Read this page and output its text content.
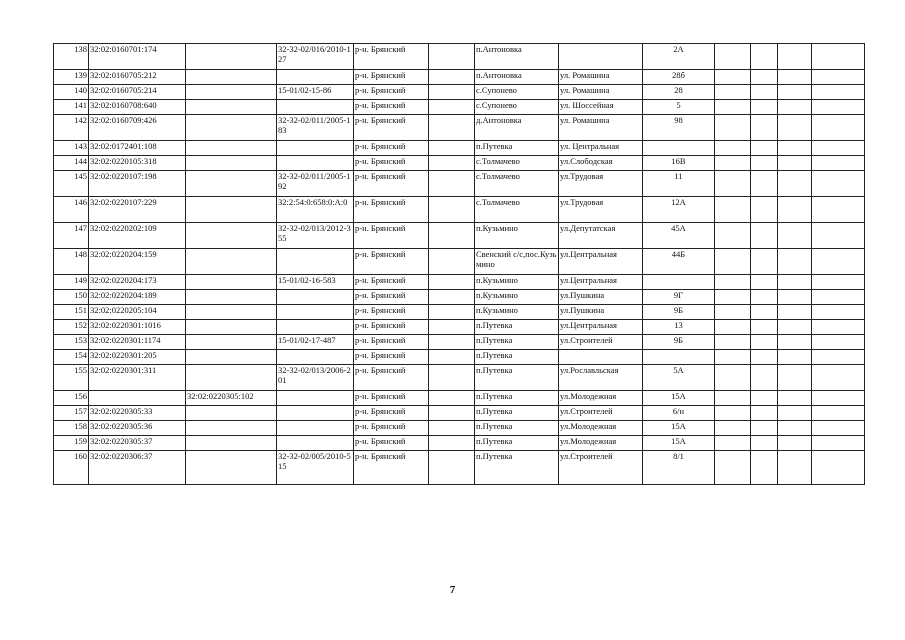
138	32:02:0160701:174		32-32-02/016/2010-127	р-н. Брянский		п.Антоновка		2А				
139	32:02:0160705:212			р-н. Брянский		п.Антоновка	ул. Ромашина	28б				
140	32:02:0160705:214		15-01/02-15-86	р-н. Брянский		с.Супонево	ул. Ромашина	28				
141	32:02:0160708:640			р-н. Брянский		с.Супонево	ул. Шоссейная	5				
142	32:02:0160709:426		32-32-02/011/2005-183	р-н. Брянский		д.Антоновка	ул. Ромашина	98				
143	32:02:0172401:108			р-н. Брянский		п.Путевка	ул. Центральная					
144	32:02:0220105:318			р-н. Брянский		с.Толмачево	ул.Слободская	16В				
145	32:02:0220107:198		32-32-02/011/2005-192	р-н. Брянский		с.Толмачево	ул.Трудовая	11				
146	32:02:0220107:229		32:2:54:0:658:0:А:0	р-н. Брянский		с.Толмачево	ул.Трудовая	12А				
147	32:02:0220202:109		32-32-02/013/2012-355	р-н. Брянский		п.Кузьмино	ул.Депутатская	45А				
148	32:02:0220204:159			р-н. Брянский		Свенский с/с,пос.Кузьмино	ул.Центральная	44Б				
149	32:02:0220204:173		15-01/02-16-583	р-н. Брянский		п.Кузьмино	ул.Центральная					
150	32:02:0220204:189			р-н. Брянский		п.Кузьмино	ул.Пушкина	9Г				
151	32:02:0220205:104			р-н. Брянский		п.Кузьмино	ул.Пушкина	9Б				
152	32:02:0220301:1016			р-н. Брянский		п.Путевка	ул.Центральная	13				
153	32:02:0220301:1174		15-01/02-17-487	р-н. Брянский		п.Путевка	ул.Строителей	9Б				
154	32:02:0220301:205			р-н. Брянский		п.Путевка						
155	32:02:0220301:311		32-32-02/013/2006-201	р-н. Брянский		п.Путевка	ул.Рославльская	5А				
156		32:02:0220305:102		р-н. Брянский		п.Путевка	ул.Молодежная	15А				
157	32:02:0220305:33			р-н. Брянский		п.Путевка	ул.Строителей	6/н				
158	32:02:0220305:36			р-н. Брянский		п.Путевка	ул.Молодежная	15А				
159	32:02:0220305:37			р-н. Брянский		п.Путевка	ул.Молодежная	15А				
160	32:02:0220306:37		32-32-02/005/2010-515	р-н. Брянский		п.Путевка	ул.Строителей	8/1				
7
